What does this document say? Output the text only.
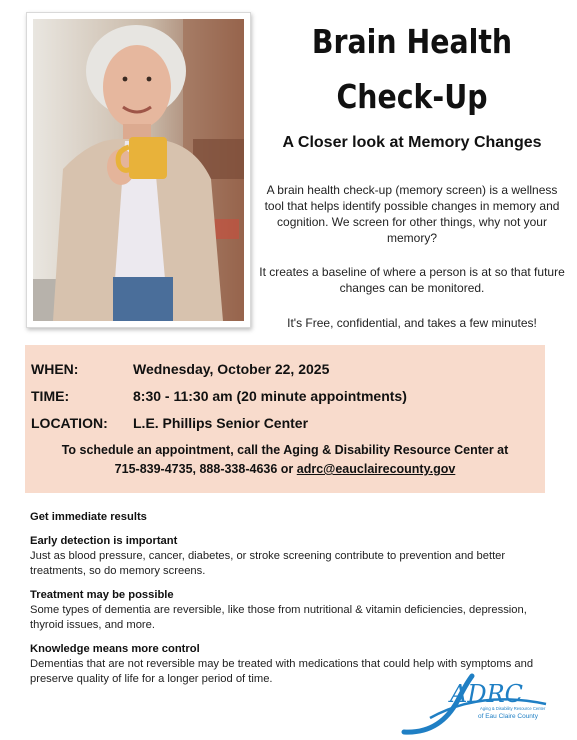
Brain Health
Check-Up
A Closer look at Memory Changes
A brain health check-up (memory screen) is a wellness tool that helps identify possible changes in memory and cognition. We screen for other things, why not your memory?
It creates a baseline of where a person is at so that future changes can be monitored.
It's Free, confidential, and takes a few minutes!
WHEN:	Wednesday, October 22, 2025
TIME:	8:30 - 11:30 am (20 minute appointments)
LOCATION: L.E. Phillips Senior Center
To schedule an appointment, call the Aging & Disability Resource Center at
715-839-4735, 888-338-4636 or adrc@eauclairecounty.gov
Get immediate results
Early detection is important
Just as blood pressure, cancer, diabetes, or stroke screening contribute to prevention and better treatments, so do memory screens.
Treatment may be possible
Some types of dementia are reversible, like those from nutritional & vitamin deficiencies, depression, thyroid issues, and more.
Knowledge means more control
Dementias that are not reversible may be treated with medications that could help with symptoms and preserve quality of life for a longer period of time.
ADRC
Aging & Disability Resource Center
of Eau Claire County
